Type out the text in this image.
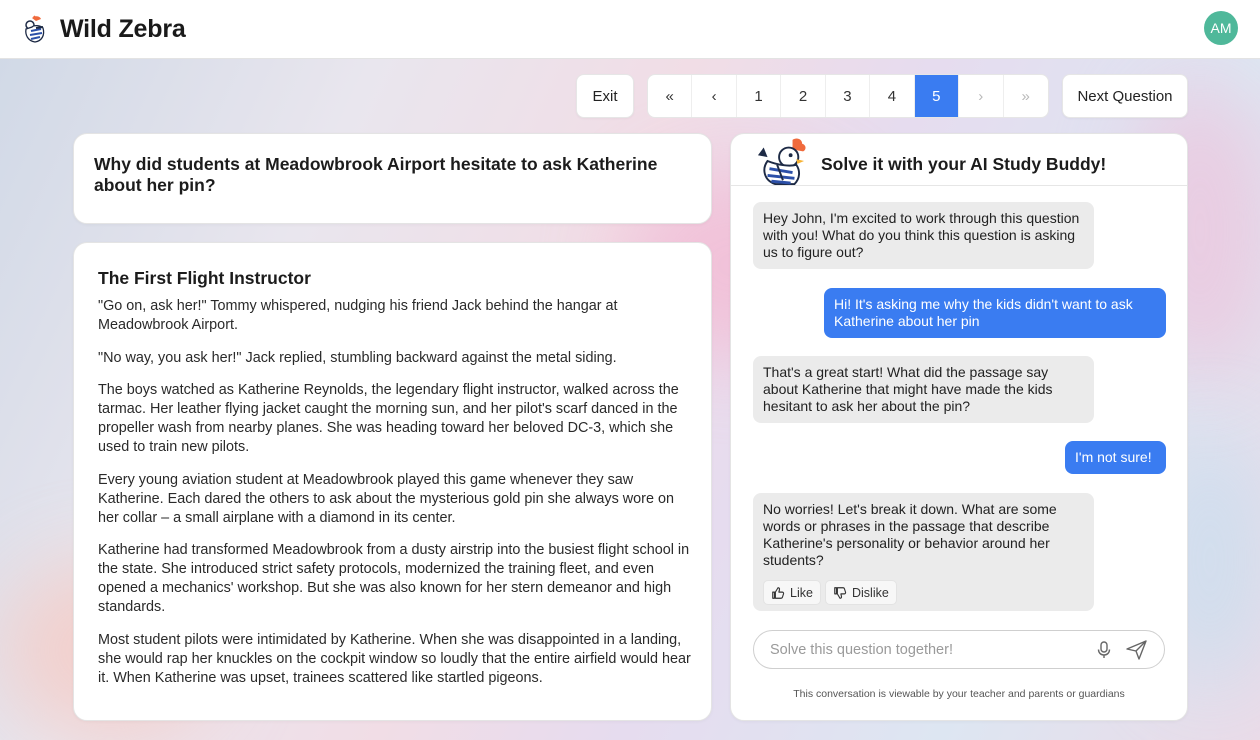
Wild Zebra	AM
Exit	«	‹	1	2	3	4	5	›	»	Next Question
Why did students at Meadowbrook Airport hesitate to ask Katherine about her pin?
The First Flight Instructor

"Go on, ask her!" Tommy whispered, nudging his friend Jack behind the hangar at Meadowbrook Airport.

"No way, you ask her!" Jack replied, stumbling backward against the metal siding.

The boys watched as Katherine Reynolds, the legendary flight instructor, walked across the tarmac. Her leather flying jacket caught the morning sun, and her pilot's scarf danced in the propeller wash from nearby planes. She was heading toward her beloved DC-3, which she used to train new pilots.

Every young aviation student at Meadowbrook played this game whenever they saw Katherine. Each dared the others to ask about the mysterious gold pin she always wore on her collar – a small airplane with a diamond in its center.

Katherine had transformed Meadowbrook from a dusty airstrip into the busiest flight school in the state. She introduced strict safety protocols, modernized the training fleet, and even opened a mechanics' workshop. But she was also known for her stern demeanor and high standards.

Most student pilots were intimidated by Katherine. When she was disappointed in a landing, she would rap her knuckles on the cockpit window so loudly that the entire airfield would hear it. When Katherine was upset, trainees scattered like startled pigeons.

Solve it with your AI Study Buddy!
Hey John, I'm excited to work through this question with you! What do you think this question is asking us to figure out?
Hi! It's asking me why the kids didn't want to ask Katherine about her pin
That's a great start! What did the passage say about Katherine that might have made the kids hesitant to ask her about the pin?
I'm not sure!
No worries! Let's break it down. What are some words or phrases in the passage that describe Katherine's personality or behavior around her students?
Like	Dislike
Solve this question together!
This conversation is viewable by your teacher and parents or guardians
